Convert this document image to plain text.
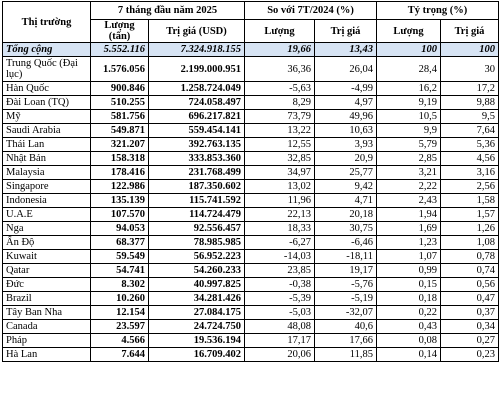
Thị trường	7 tháng đầu năm 2025		So với 7T/2024 (%)		Tỷ trọng (%)	
	Lượng (tấn)	Trị giá (USD)	Lượng	Trị giá	Lượng	Trị giá
Tổng cộng	5.552.116	7.324.918.155	19,66	13,43	100	100
Trung Quốc (Đại lục)	1.576.056	2.199.000.951	36,36	26,04	28,4	30
Hàn Quốc	900.846	1.258.724.049	-5,63	-4,99	16,2	17,2
Đài Loan (TQ)	510.255	724.058.497	8,29	4,97	9,19	9,88
Mỹ	581.756	696.217.821	73,79	49,96	10,5	9,5
Saudi Arabia	549.871	559.454.141	13,22	10,63	9,9	7,64
Thái Lan	321.207	392.763.135	12,55	3,93	5,79	5,36
Nhật Bản	158.318	333.853.360	32,85	20,9	2,85	4,56
Malaysia	178.416	231.768.499	34,97	25,77	3,21	3,16
Singapore	122.986	187.350.602	13,02	9,42	2,22	2,56
Indonesia	135.139	115.741.592	11,96	4,71	2,43	1,58
U.A.E	107.570	114.724.479	22,13	20,18	1,94	1,57
Nga	94.053	92.556.457	18,33	30,75	1,69	1,26
Ấn Độ	68.377	78.985.985	-6,27	-6,46	1,23	1,08
Kuwait	59.549	56.952.223	-14,03	-18,11	1,07	0,78
Qatar	54.741	54.260.233	23,85	19,17	0,99	0,74
Đức	8.302	40.997.825	-0,38	-5,76	0,15	0,56
Brazil	10.260	34.281.426	-5,39	-5,19	0,18	0,47
Tây Ban Nha	12.154	27.084.175	-5,03	-32,07	0,22	0,37
Canada	23.597	24.724.750	48,08	40,6	0,43	0,34
Pháp	4.566	19.536.194	17,17	17,66	0,08	0,27
Hà Lan	7.644	16.709.402	20,06	11,85	0,14	0,23
